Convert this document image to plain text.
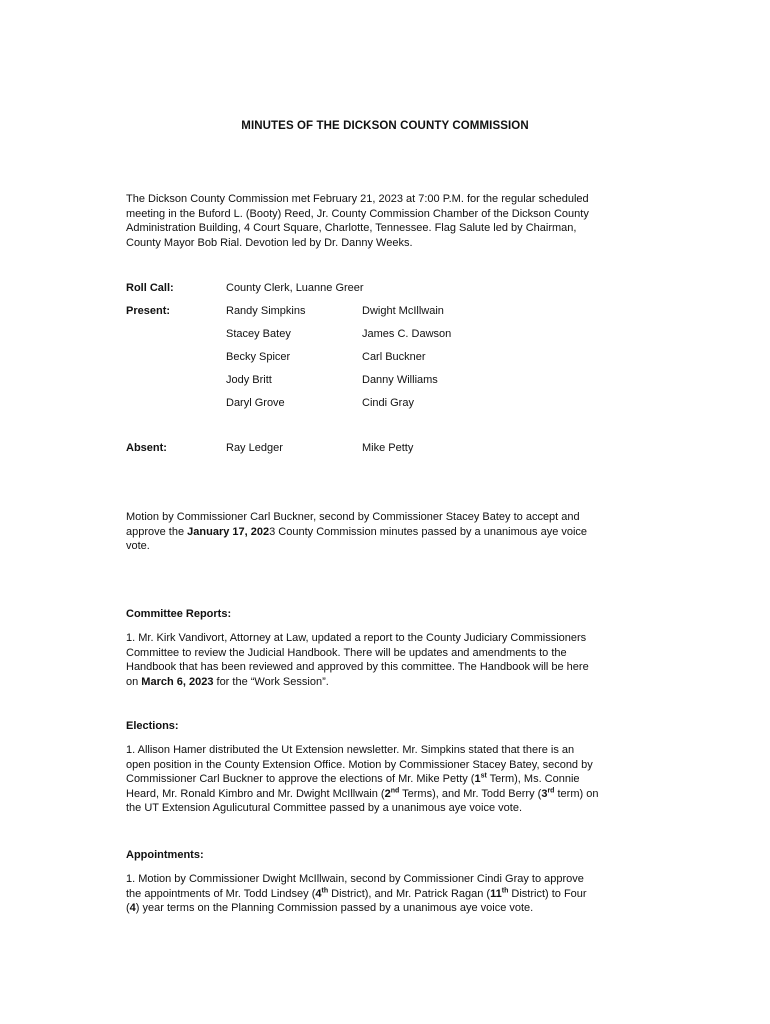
MINUTES OF THE DICKSON COUNTY COMMISSION
The Dickson County Commission met February 21, 2023 at 7:00 P.M. for the regular scheduled
meeting in the Buford L. (Booty) Reed, Jr. County Commission Chamber of the Dickson County
Administration Building, 4 Court Square, Charlotte, Tennessee. Flag Salute led by Chairman,
County Mayor Bob Rial. Devotion led by Dr. Danny Weeks.
Roll Call:	County Clerk, Luanne Greer
Present:	Randy Simpkins	Dwight McIllwain
Stacey Batey	James C. Dawson
Becky Spicer	Carl Buckner
Jody Britt	Danny Williams
Daryl Grove	Cindi Gray
Absent:	Ray Ledger	Mike Petty
Motion by Commissioner Carl Buckner, second by Commissioner Stacey Batey to accept and
approve the January 17, 2023 County Commission minutes passed by a unanimous aye voice
vote.
Committee Reports:
1. Mr. Kirk Vandivort, Attorney at Law, updated a report to the County Judiciary Commissioners
Committee to review the Judicial Handbook. There will be updates and amendments to the
Handbook that has been reviewed and approved by this committee. The Handbook will be here
on March 6, 2023 for the “Work Session”.
Elections:
1. Allison Hamer distributed the Ut Extension newsletter. Mr. Simpkins stated that there is an
open position in the County Extension Office. Motion by Commissioner Stacey Batey, second by
Commissioner Carl Buckner to approve the elections of Mr. Mike Petty (1st Term), Ms. Connie
Heard, Mr. Ronald Kimbro and Mr. Dwight McIllwain (2nd Terms), and Mr. Todd Berry (3rd term) on
the UT Extension Agulicutural Committee passed by a unanimous aye voice vote.
Appointments:
1. Motion by Commissioner Dwight McIllwain, second by Commissioner Cindi Gray to approve
the appointments of Mr. Todd Lindsey (4th District), and Mr. Patrick Ragan (11th District) to Four
(4) year terms on the Planning Commission passed by a unanimous aye voice vote.
